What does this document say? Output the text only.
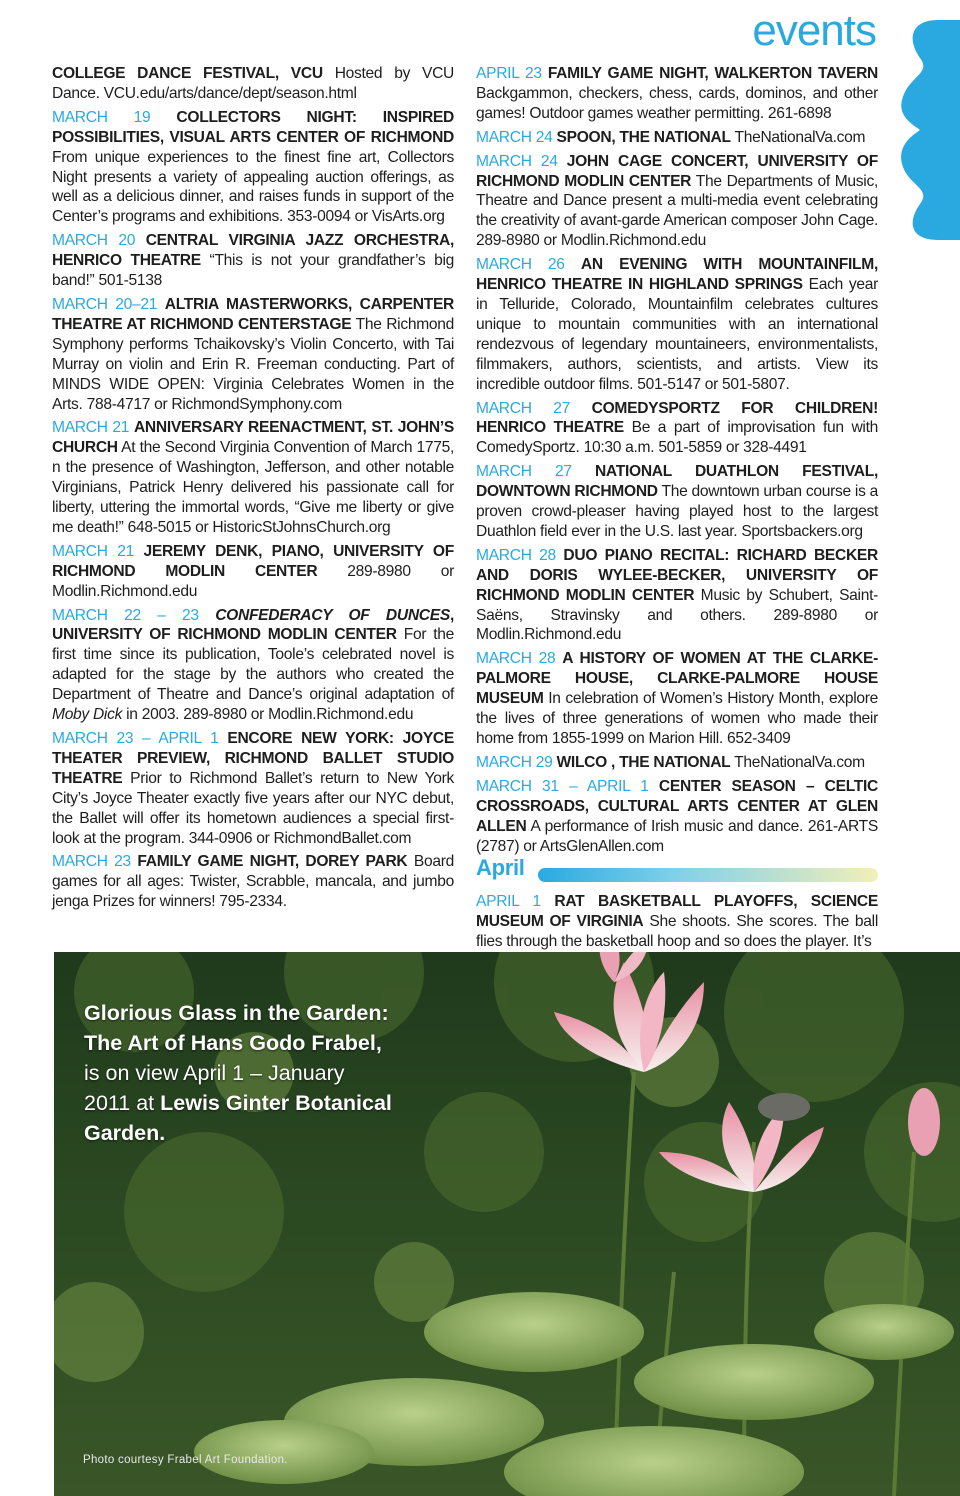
events

COLLEGE DANCE FESTIVAL, VCU Hosted by VCU Dance. VCU.edu/arts/dance/dept/season.html

MARCH 19 COLLECTORS NIGHT: INSPIRED POSSIBILITIES, VISUAL ARTS CENTER OF RICHMOND From unique experiences to the finest fine art, Collectors Night presents a variety of appealing auction offerings, as well as a delicious dinner, and raises funds in support of the Center’s programs and exhibitions. 353-0094 or VisArts.org

MARCH 20 CENTRAL VIRGINIA JAZZ ORCHESTRA, HENRICO THEATRE “This is not your grandfather’s big band!” 501-5138

MARCH 20–21 ALTRIA MASTERWORKS, CARPENTER THEATRE AT RICHMOND CENTERSTAGE The Richmond Symphony performs Tchaikovsky’s Violin Concerto, with Tai Murray on violin and Erin R. Freeman conducting. Part of MINDS WIDE OPEN: Virginia Celebrates Women in the Arts. 788-4717 or RichmondSymphony.com

MARCH 21 ANNIVERSARY REENACTMENT, ST. JOHN’S CHURCH At the Second Virginia Convention of March 1775, n the presence of Washington, Jefferson, and other notable Virginians, Patrick Henry delivered his passionate call for liberty, uttering the immortal words, “Give me liberty or give me death!” 648-5015 or HistoricStJohnsChurch.org

MARCH 21 JEREMY DENK, PIANO, UNIVERSITY OF RICHMOND MODLIN CENTER 289-8980 or Modlin.Richmond.edu

MARCH 22 – 23 CONFEDERACY OF DUNCES, UNIVERSITY OF RICHMOND MODLIN CENTER For the first time since its publication, Toole’s celebrated novel is adapted for the stage by the authors who created the Department of Theatre and Dance’s original adaptation of Moby Dick in 2003. 289-8980 or Modlin.Richmond.edu

MARCH 23 – APRIL 1 ENCORE NEW YORK: JOYCE THEATER PREVIEW, RICHMOND BALLET STUDIO THEATRE Prior to Richmond Ballet’s return to New York City’s Joyce Theater exactly five years after our NYC debut, the Ballet will offer its hometown audiences a special first-look at the program. 344-0906 or RichmondBallet.com

MARCH 23 FAMILY GAME NIGHT, DOREY PARK Board games for all ages: Twister, Scrabble, mancala, and jumbo jenga Prizes for winners! 795-2334.

APRIL 23 FAMILY GAME NIGHT, WALKERTON TAVERN Backgammon, checkers, chess, cards, dominos, and other games! Outdoor games weather permitting. 261-6898

MARCH 24 SPOON, THE NATIONAL TheNationalVa.com

MARCH 24 JOHN CAGE CONCERT, UNIVERSITY OF RICHMOND MODLIN CENTER The Departments of Music, Theatre and Dance present a multi-media event celebrating the creativity of avant-garde American composer John Cage. 289-8980 or Modlin.Richmond.edu

MARCH 26 AN EVENING WITH MOUNTAINFILM, HENRICO THEATRE IN HIGHLAND SPRINGS Each year in Telluride, Colorado, Mountainfilm celebrates cultures unique to mountain communities with an international rendezvous of legendary mountaineers, environmentalists, filmmakers, authors, scientists, and artists. View its incredible outdoor films. 501-5147 or 501-5807.

MARCH 27 COMEDYSPORTZ FOR CHILDREN! HENRICO THEATRE Be a part of improvisation fun with ComedySportz. 10:30 a.m. 501-5859 or 328-4491

MARCH 27 NATIONAL DUATHLON FESTIVAL, DOWNTOWN RICHMOND The downtown urban course is a proven crowd-pleaser having played host to the largest Duathlon field ever in the U.S. last year. Sportsbackers.org

MARCH 28 DUO PIANO RECITAL: RICHARD BECKER AND DORIS WYLEE-BECKER, UNIVERSITY OF RICHMOND MODLIN CENTER Music by Schubert, Saint-Saëns, Stravinsky and others. 289-8980 or Modlin.Richmond.edu

MARCH 28 A HISTORY OF WOMEN AT THE CLARKE-PALMORE HOUSE, CLARKE-PALMORE HOUSE MUSEUM In celebration of Women’s History Month, explore the lives of three generations of women who made their home from 1855-1999 on Marion Hill. 652-3409

MARCH 29 WILCO , THE NATIONAL TheNationalVa.com

MARCH 31 – APRIL 1 CENTER SEASON – CELTIC CROSSROADS, CULTURAL ARTS CENTER AT GLEN ALLEN A performance of Irish music and dance. 261-ARTS (2787) or ArtsGlenAllen.com

April

APRIL 1 RAT BASKETBALL PLAYOFFS, SCIENCE MUSEUM OF VIRGINIA She shoots. She scores. The ball flies through the basketball hoop and so does the player. It’s

Glorious Glass in the Garden: The Art of Hans Godo Frabel, is on view April 1 – January 2011 at Lewis Ginter Botanical Garden.
Photo courtesy Frabel Art Foundation.
